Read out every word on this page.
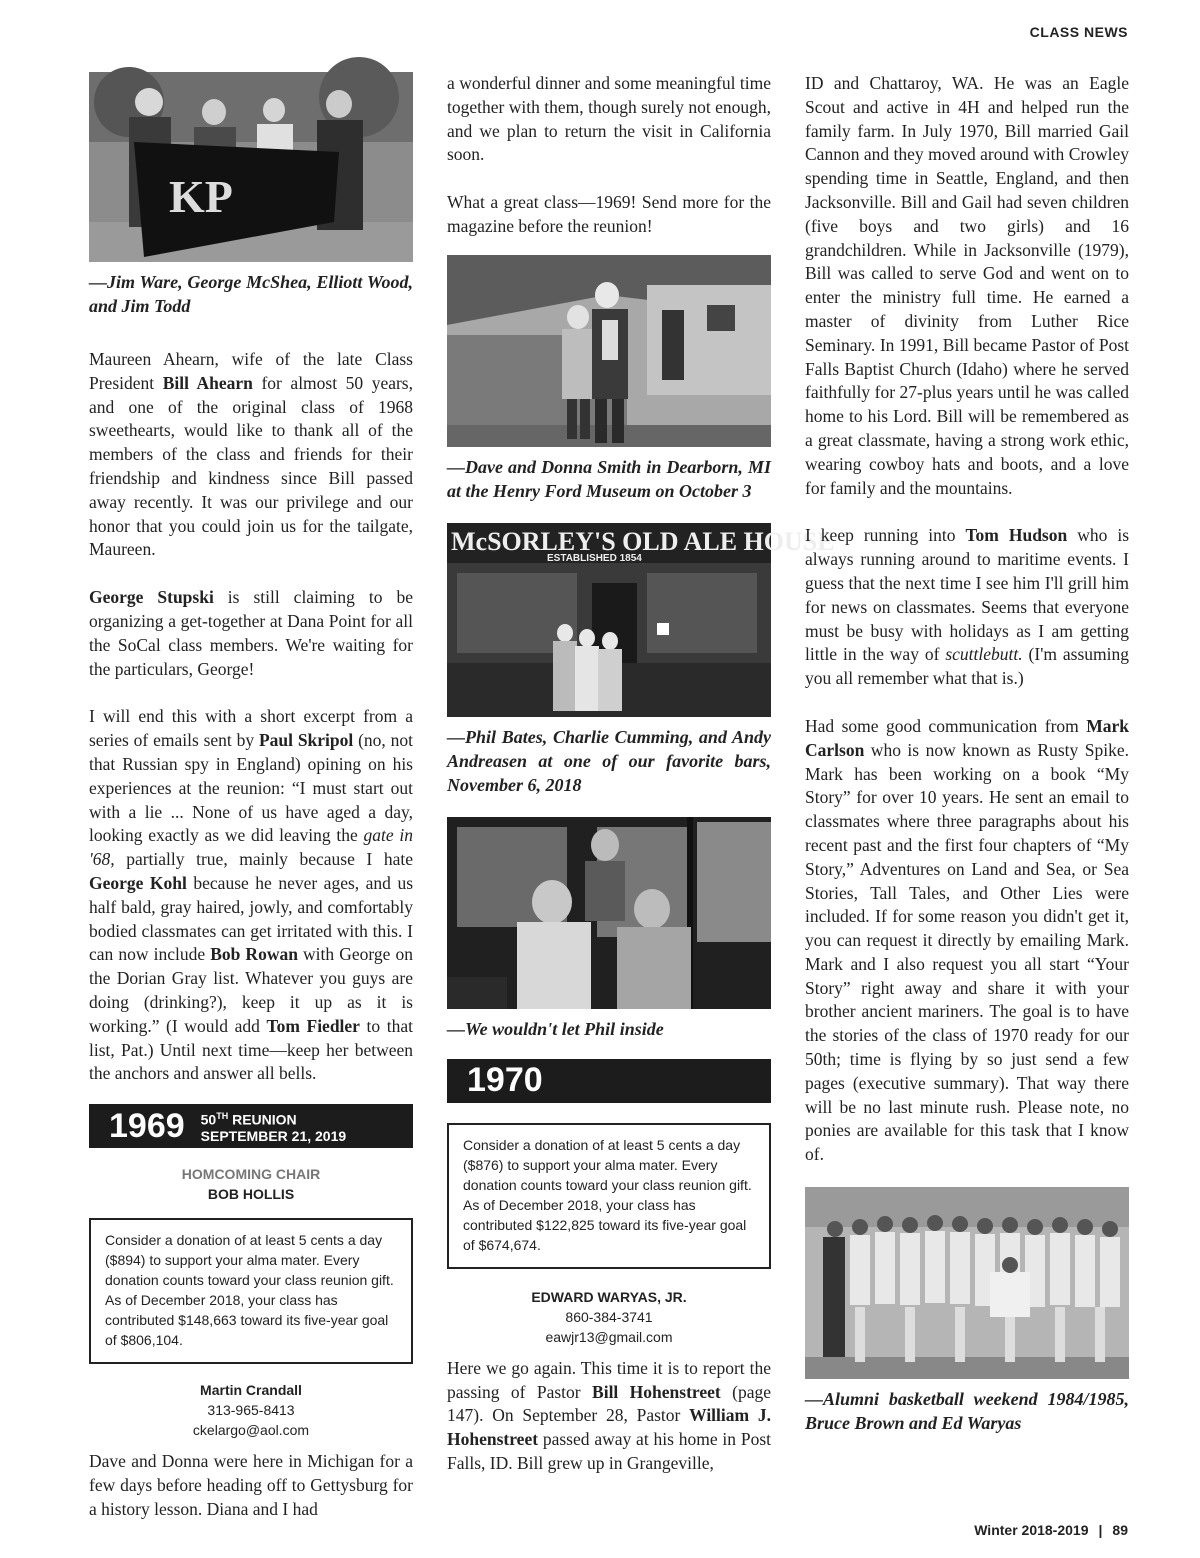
CLASS NEWS
KP
—Jim Ware, George McShea, Elliott Wood, and Jim Todd

Maureen Ahearn, wife of the late Class President Bill Ahearn for almost 50 years, and one of the original class of 1968 sweethearts, would like to thank all of the members of the class and friends for their friendship and kindness since Bill passed away recently. It was our privilege and our honor that you could join us for the tailgate, Maureen.

George Stupski is still claiming to be organizing a get-together at Dana Point for all the SoCal class members. We're waiting for the particulars, George!

I will end this with a short excerpt from a series of emails sent by Paul Skripol (no, not that Russian spy in England) opining on his experiences at the reunion: “I must start out with a lie ... None of us have aged a day, looking exactly as we did leaving the gate in '68, partially true, mainly because I hate George Kohl because he never ages, and us half bald, gray haired, jowly, and comfortably bodied classmates can get irritated with this. I can now include Bob Rowan with George on the Dorian Gray list. Whatever you guys are doing (drinking?), keep it up as it is working.” (I would add Tom Fiedler to that list, Pat.) Until next time—keep her between the anchors and answer all bells.

1969 50TH REUNION
SEPTEMBER 21, 2019
HOMCOMING CHAIR
BOB HOLLIS
Consider a donation of at least 5 cents a day ($894) to support your alma mater. Every donation counts toward your class reunion gift. As of December 2018, your class has contributed $148,663 toward its five-year goal of $806,104.
Martin Crandall
313-965-8413
ckelargo@aol.com

Dave and Donna were here in Michigan for a few days before heading off to Gettysburg for a history lesson. Diana and I had

a wonderful dinner and some meaningful time together with them, though surely not enough, and we plan to return the visit in California soon.

What a great class—1969! Send more for the magazine before the reunion!

—Dave and Donna Smith in Dearborn, MI at the Henry Ford Museum on October 3
McSORLEY'S OLD ALE HOUSE
ESTABLISHED 1854
—Phil Bates, Charlie Cumming, and Andy Andreasen at one of our favorite bars, November 6, 2018
—We wouldn't let Phil inside
1970
Consider a donation of at least 5 cents a day ($876) to support your alma mater. Every donation counts toward your class reunion gift. As of December 2018, your class has contributed $122,825 toward its five-year goal of $674,674.
EDWARD WARYAS, JR.
860-384-3741
eawjr13@gmail.com

Here we go again. This time it is to report the passing of Pastor Bill Hohenstreet (page 147). On September 28, Pastor William J. Hohenstreet passed away at his home in Post Falls, ID. Bill grew up in Grangeville,

ID and Chattaroy, WA. He was an Eagle Scout and active in 4H and helped run the family farm. In July 1970, Bill married Gail Cannon and they moved around with Crowley spending time in Seattle, England, and then Jacksonville. Bill and Gail had seven children (five boys and two girls) and 16 grandchildren. While in Jacksonville (1979), Bill was called to serve God and went on to enter the ministry full time. He earned a master of divinity from Luther Rice Seminary. In 1991, Bill became Pastor of Post Falls Baptist Church (Idaho) where he served faithfully for 27-plus years until he was called home to his Lord. Bill will be remembered as a great classmate, having a strong work ethic, wearing cowboy hats and boots, and a love for family and the mountains.

I keep running into Tom Hudson who is always running around to maritime events. I guess that the next time I see him I'll grill him for news on classmates. Seems that everyone must be busy with holidays as I am getting little in the way of scuttlebutt. (I'm assuming you all remember what that is.)

Had some good communication from Mark Carlson who is now known as Rusty Spike. Mark has been working on a book “My Story” for over 10 years. He sent an email to classmates where three paragraphs about his recent past and the first four chapters of “My Story,” Adventures on Land and Sea, or Sea Stories, Tall Tales, and Other Lies were included. If for some reason you didn't get it, you can request it directly by emailing Mark. Mark and I also request you all start “Your Story” right away and share it with your brother ancient mariners. The goal is to have the stories of the class of 1970 ready for our 50th; time is flying by so just send a few pages (executive summary). That way there will be no last minute rush. Please note, no ponies are available for this task that I know of.

—Alumni basketball weekend 1984/1985, Bruce Brown and Ed Waryas
Winter 2018-2019 | 89
